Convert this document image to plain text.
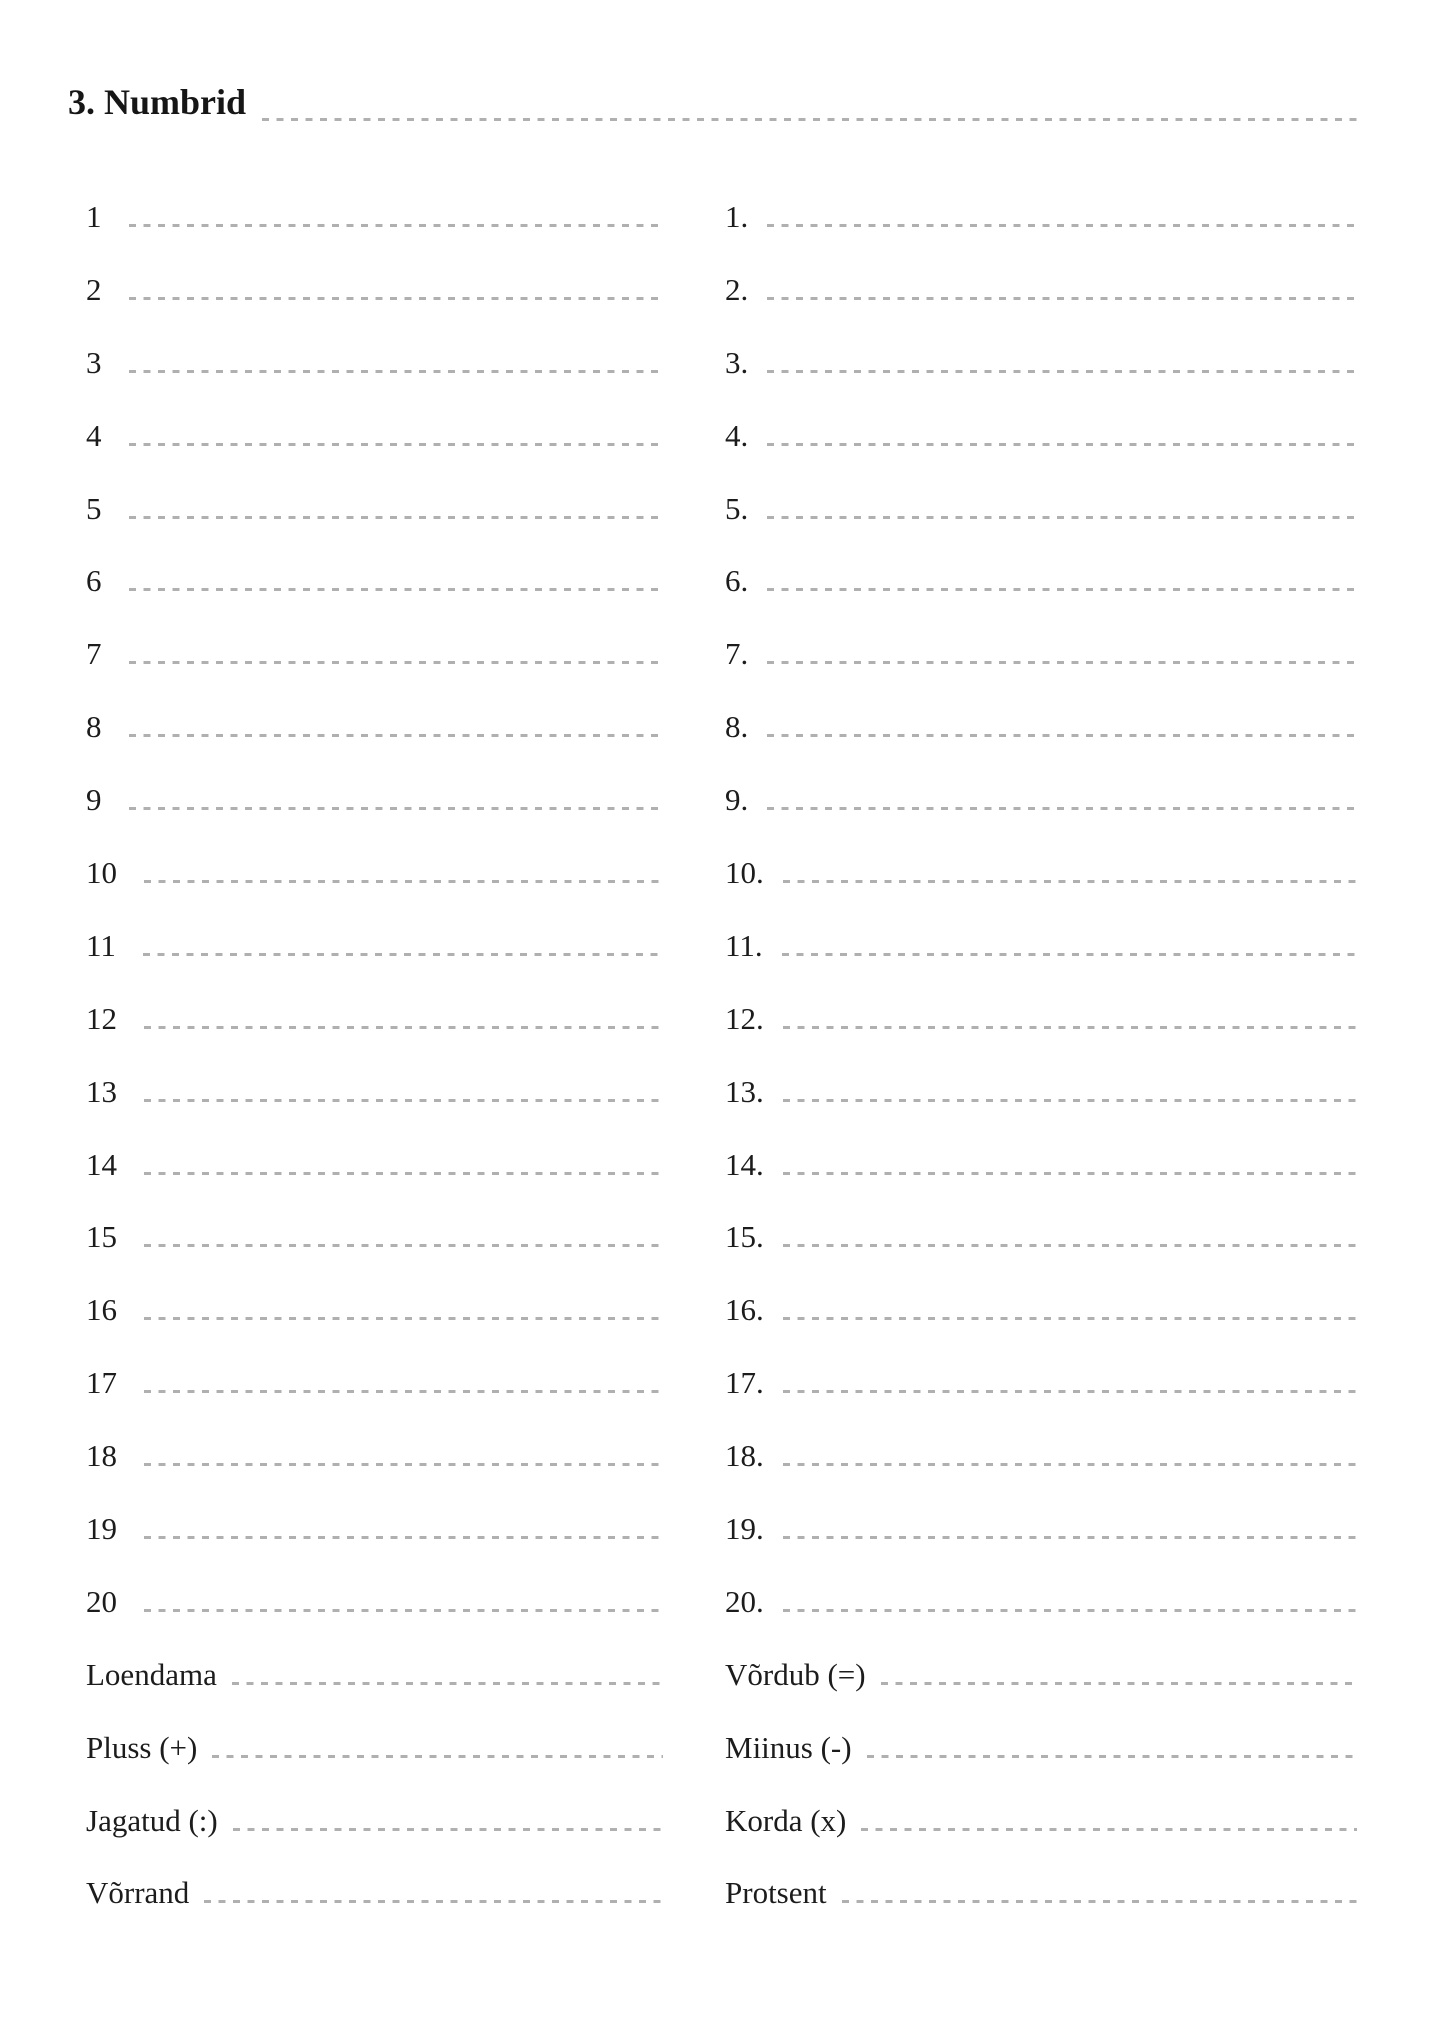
3. Numbrid
1
2
3
4
5
6
7
8
9
10
11
12
13
14
15
16
17
18
19
20
Loendama
Pluss (+)
Jagatud (:)
Võrrand
1.
2.
3.
4.
5.
6.
7.
8.
9.
10.
11.
12.
13.
14.
15.
16.
17.
18.
19.
20.
Võrdub (=)
Miinus (-)
Korda (x)
Protsent
